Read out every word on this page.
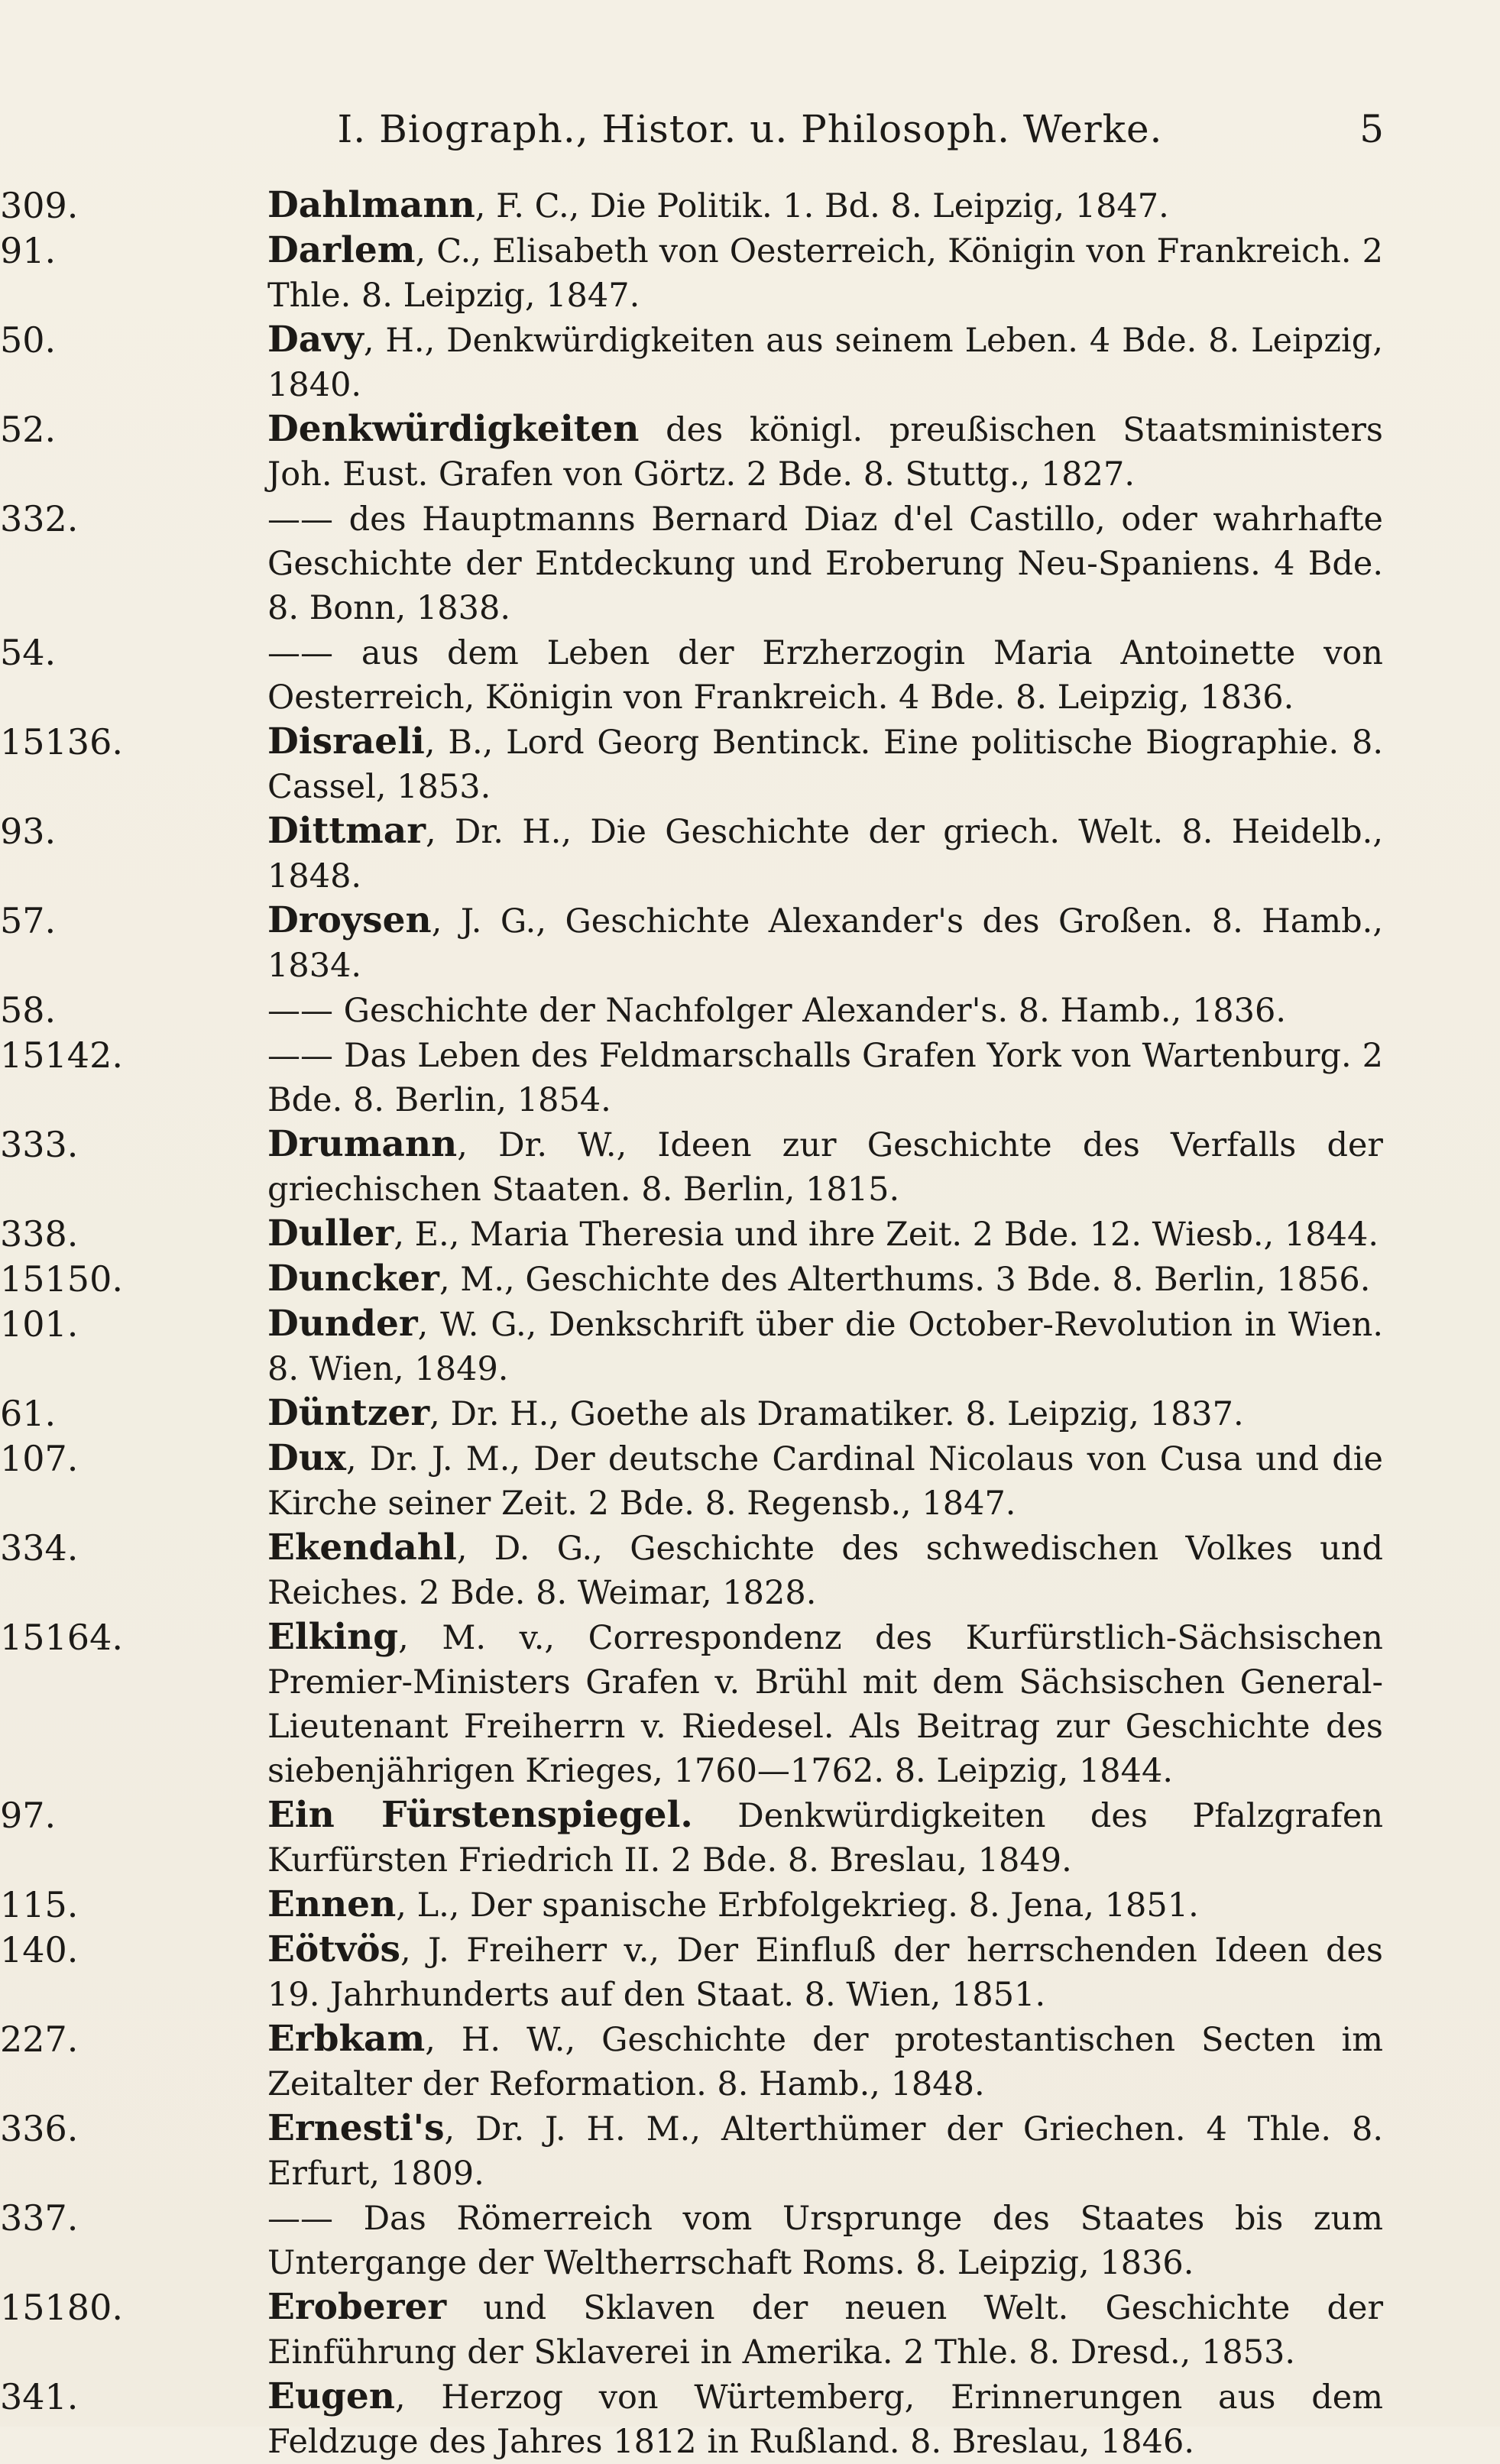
I. Biograph., Histor. u. Philosoph. Werke.	5
309.	Dahlmann, F. C., Die Politik. 1. Bd. 8. Leipzig, 1847.
91.	Darlem, C., Elisabeth von Oesterreich, Königin von Frankreich. 2 Thle. 8. Leipzig, 1847.
50.	Davy, H., Denkwürdigkeiten aus seinem Leben. 4 Bde. 8. Leipzig, 1840.
52.	Denkwürdigkeiten des königl. preußischen Staatsministers Joh. Eust. Grafen von Görtz. 2 Bde. 8. Stuttg., 1827.
332.	—— des Hauptmanns Bernard Diaz d'el Castillo, oder wahrhafte Geschichte der Entdeckung und Eroberung Neu-Spaniens. 4 Bde. 8. Bonn, 1838.
54.	—— aus dem Leben der Erzherzogin Maria Antoinette von Oesterreich, Königin von Frankreich. 4 Bde. 8. Leipzig, 1836.
15136.	Disraeli, B., Lord Georg Bentinck. Eine politische Biographie. 8. Cassel, 1853.
93.	Dittmar, Dr. H., Die Geschichte der griech. Welt. 8. Heidelb., 1848.
57.	Droysen, J. G., Geschichte Alexander's des Großen. 8. Hamb., 1834.
58.	—— Geschichte der Nachfolger Alexander's. 8. Hamb., 1836.
15142.	—— Das Leben des Feldmarschalls Grafen York von Wartenburg. 2 Bde. 8. Berlin, 1854.
333.	Drumann, Dr. W., Ideen zur Geschichte des Verfalls der griechischen Staaten. 8. Berlin, 1815.
338.	Duller, E., Maria Theresia und ihre Zeit. 2 Bde. 12. Wiesb., 1844.
15150.	Duncker, M., Geschichte des Alterthums. 3 Bde. 8. Berlin, 1856.
101.	Dunder, W. G., Denkschrift über die October-Revolution in Wien. 8. Wien, 1849.
61.	Düntzer, Dr. H., Goethe als Dramatiker. 8. Leipzig, 1837.
107.	Dux, Dr. J. M., Der deutsche Cardinal Nicolaus von Cusa und die Kirche seiner Zeit. 2 Bde. 8. Regensb., 1847.
334.	Ekendahl, D. G., Geschichte des schwedischen Volkes und Reiches. 2 Bde. 8. Weimar, 1828.
15164.	Elking, M. v., Correspondenz des Kurfürstlich-Sächsischen Premier-Ministers Grafen v. Brühl mit dem Sächsischen General-Lieutenant Freiherrn v. Riedesel. Als Beitrag zur Geschichte des siebenjährigen Krieges, 1760—1762. 8. Leipzig, 1844.
97.	Ein Fürstenspiegel. Denkwürdigkeiten des Pfalzgrafen Kurfürsten Friedrich II. 2 Bde. 8. Breslau, 1849.
115.	Ennen, L., Der spanische Erbfolgekrieg. 8. Jena, 1851.
140.	Eötvös, J. Freiherr v., Der Einfluß der herrschenden Ideen des 19. Jahrhunderts auf den Staat. 8. Wien, 1851.
227.	Erbkam, H. W., Geschichte der protestantischen Secten im Zeitalter der Reformation. 8. Hamb., 1848.
336.	Ernesti's, Dr. J. H. M., Alterthümer der Griechen. 4 Thle. 8. Erfurt, 1809.
337.	—— Das Römerreich vom Ursprunge des Staates bis zum Untergange der Weltherrschaft Roms. 8. Leipzig, 1836.
15180.	Eroberer und Sklaven der neuen Welt. Geschichte der Einführung der Sklaverei in Amerika. 2 Thle. 8. Dresd., 1853.
341.	Eugen, Herzog von Würtemberg, Erinnerungen aus dem Feldzuge des Jahres 1812 in Rußland. 8. Breslau, 1846.
